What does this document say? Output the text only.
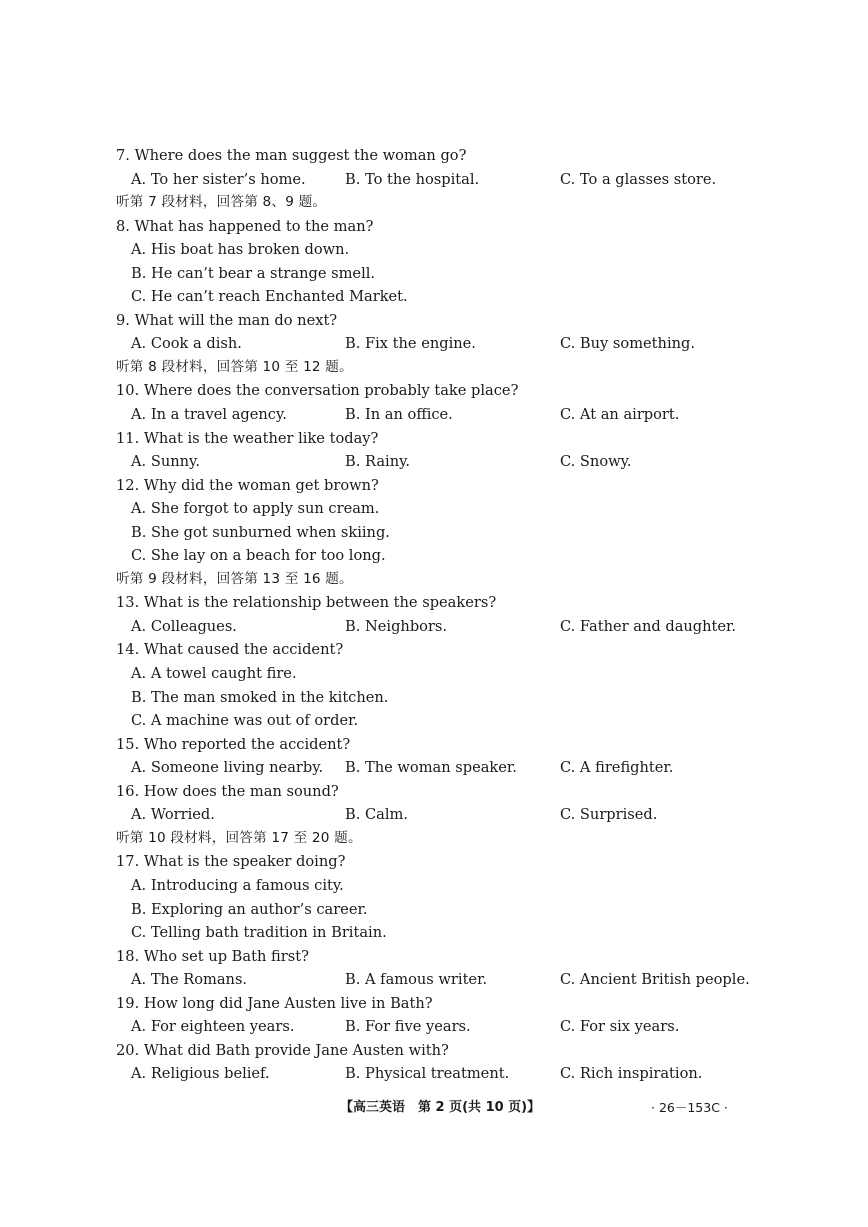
7. Where does the man suggest the woman go?
A. To her sister’s home.	B. To the hospital.	C. To a glasses store.
听第 7 段材料，回答第 8、9 题。
8. What has happened to the man?
A. His boat has broken down.
B. He can’t bear a strange smell.
C. He can’t reach Enchanted Market.
9. What will the man do next?
A. Cook a dish.	B. Fix the engine.	C. Buy something.
听第 8 段材料，回答第 10 至 12 题。
10. Where does the conversation probably take place?
A. In a travel agency.	B. In an office.	C. At an airport.
11. What is the weather like today?
A. Sunny.	B. Rainy.	C. Snowy.
12. Why did the woman get brown?
A. She forgot to apply sun cream.
B. She got sunburned when skiing.
C. She lay on a beach for too long.
听第 9 段材料，回答第 13 至 16 题。
13. What is the relationship between the speakers?
A. Colleagues.	B. Neighbors.	C. Father and daughter.
14. What caused the accident?
A. A towel caught fire.
B. The man smoked in the kitchen.
C. A machine was out of order.
15. Who reported the accident?
A. Someone living nearby. B. The woman speaker.	C. A firefighter.
16. How does the man sound?
A. Worried.	B. Calm.	C. Surprised.
听第 10 段材料，回答第 17 至 20 题。
17. What is the speaker doing?
A. Introducing a famous city.
B. Exploring an author’s career.
C. Telling bath tradition in Britain.
18. Who set up Bath first?
A. The Romans.	B. A famous writer.	C. Ancient British people.
19. How long did Jane Austen live in Bath?
A. For eighteen years.	B. For five years.	C. For six years.
20. What did Bath provide Jane Austen with?
A. Religious belief.	B. Physical treatment.	C. Rich inspiration.
【高三英语　第 2 页(共 10 页)】	· 26－153C ·
